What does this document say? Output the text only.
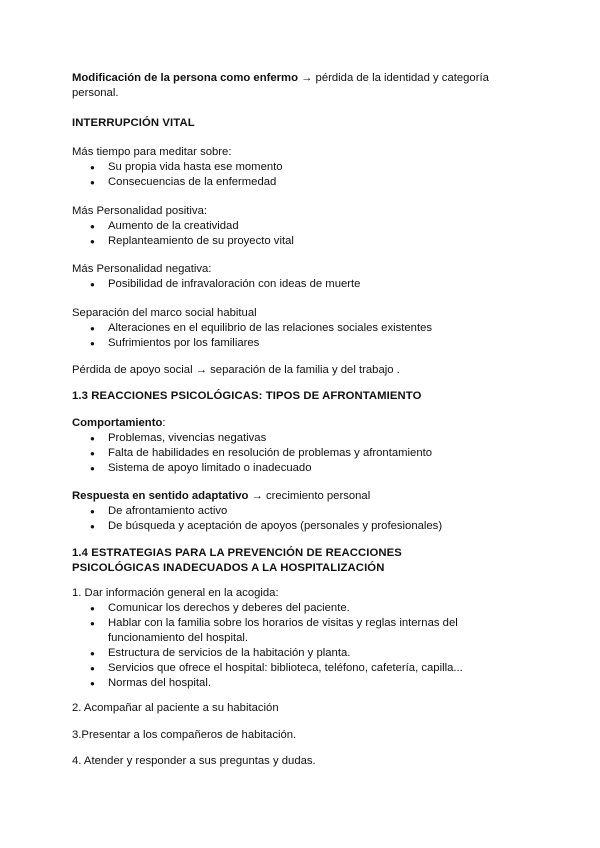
Modificación de la persona como enfermo → pérdida de la identidad y categoría personal.

INTERRUPCIÓN VITAL
Más tiempo para meditar sobre:
● Su propia vida hasta ese momento
● Consecuencias de la enfermedad
Más Personalidad positiva:
● Aumento de la creatividad
● Replanteamiento de su proyecto vital
Más Personalidad negativa:
● Posibilidad de infravaloración con ideas de muerte
Separación del marco social habitual
● Alteraciones en el equilibrio de las relaciones sociales existentes
● Sufrimientos por los familiares
Pérdida de apoyo social → separación de la familia y del trabajo .
1.3 REACCIONES PSICOLÓGICAS: TIPOS DE AFRONTAMIENTO
Comportamiento:
● Problemas, vivencias negativas
● Falta de habilidades en resolución de problemas y afrontamiento
● Sistema de apoyo limitado o inadecuado
Respuesta en sentido adaptativo → crecimiento personal
● De afrontamiento activo
● De búsqueda y aceptación de apoyos (personales y profesionales)
1.4 ESTRATEGIAS PARA LA PREVENCIÓN DE REACCIONES PSICOLÓGICAS INADECUADOS A LA HOSPITALIZACIÓN
1. Dar información general en la acogida:
● Comunicar los derechos y deberes del paciente.
● Hablar con la familia sobre los horarios de visitas y reglas internas del funcionamiento del hospital.
● Estructura de servicios de la habitación y planta.
● Servicios que ofrece el hospital: biblioteca, teléfono, cafetería, capilla...
● Normas del hospital.
2. Acompañar al paciente a su habitación
3.Presentar a los compañeros de habitación.
4. Atender y responder a sus preguntas y dudas.
